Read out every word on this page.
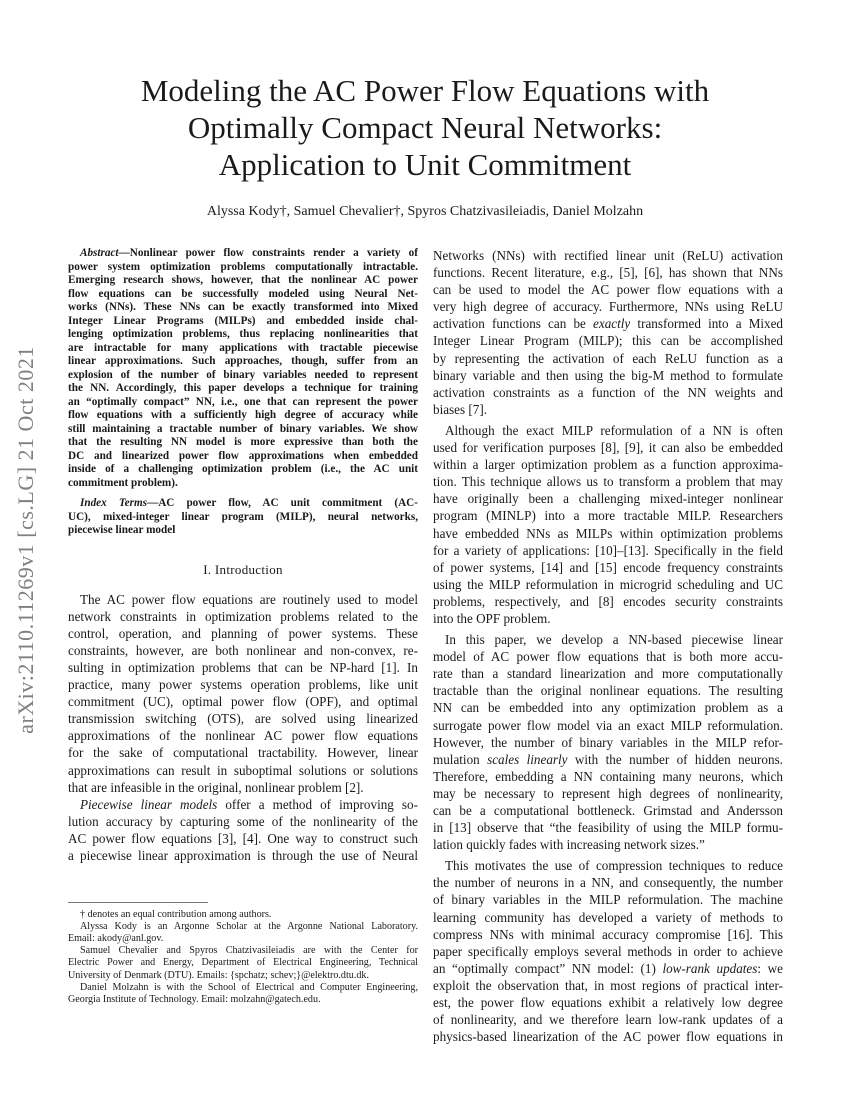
arXiv:2110.11269v1 [cs.LG] 21 Oct 2021
Modeling the AC Power Flow Equations with
Optimally Compact Neural Networks:
Application to Unit Commitment
Alyssa Kody†, Samuel Chevalier†, Spyros Chatzivasileiadis, Daniel Molzahn
Abstract—Nonlinear power flow constraints render a variety of
power system optimization problems computationally intractable.
Emerging research shows, however, that the nonlinear AC power
flow equations can be successfully modeled using Neural Net-
works (NNs). These NNs can be exactly transformed into Mixed
Integer Linear Programs (MILPs) and embedded inside chal-
lenging optimization problems, thus replacing nonlinearities that
are intractable for many applications with tractable piecewise
linear approximations. Such approaches, though, suffer from an
explosion of the number of binary variables needed to represent
the NN. Accordingly, this paper develops a technique for training
an “optimally compact” NN, i.e., one that can represent the power
flow equations with a sufficiently high degree of accuracy while
still maintaining a tractable number of binary variables. We show
that the resulting NN model is more expressive than both the
DC and linearized power flow approximations when embedded
inside of a challenging optimization problem (i.e., the AC unit
commitment problem).
Index Terms—AC power flow, AC unit commitment (AC-
UC), mixed-integer linear program (MILP), neural networks,
piecewise linear model
I. Introduction
The AC power flow equations are routinely used to model
network constraints in optimization problems related to the
control, operation, and planning of power systems. These
constraints, however, are both nonlinear and non-convex, re-
sulting in optimization problems that can be NP-hard [1]. In
practice, many power systems operation problems, like unit
commitment (UC), optimal power flow (OPF), and optimal
transmission switching (OTS), are solved using linearized
approximations of the nonlinear AC power flow equations
for the sake of computational tractability. However, linear
approximations can result in suboptimal solutions or solutions
that are infeasible in the original, nonlinear problem [2].
Piecewise linear models offer a method of improving so-
lution accuracy by capturing some of the nonlinearity of the
AC power flow equations [3], [4]. One way to construct such
a piecewise linear approximation is through the use of Neural
† denotes an equal contribution among authors.
Alyssa Kody is an Argonne Scholar at the Argonne National Laboratory.
Email: akody@anl.gov.
Samuel Chevalier and Spyros Chatzivasileiadis are with the Center for
Electric Power and Energy, Department of Electrical Engineering, Technical
University of Denmark (DTU). Emails: {spchatz; schev;}@elektro.dtu.dk.
Daniel Molzahn is with the School of Electrical and Computer Engineering,
Georgia Institute of Technology. Email: molzahn@gatech.edu.
Networks (NNs) with rectified linear unit (ReLU) activation
functions. Recent literature, e.g., [5], [6], has shown that NNs
can be used to model the AC power flow equations with a
very high degree of accuracy. Furthermore, NNs using ReLU
activation functions can be exactly transformed into a Mixed
Integer Linear Program (MILP); this can be accomplished
by representing the activation of each ReLU function as a
binary variable and then using the big-M method to formulate
activation constraints as a function of the NN weights and
biases [7].
Although the exact MILP reformulation of a NN is often
used for verification purposes [8], [9], it can also be embedded
within a larger optimization problem as a function approxima-
tion. This technique allows us to transform a problem that may
have originally been a challenging mixed-integer nonlinear
program (MINLP) into a more tractable MILP. Researchers
have embedded NNs as MILPs within optimization problems
for a variety of applications: [10]–[13]. Specifically in the field
of power systems, [14] and [15] encode frequency constraints
using the MILP reformulation in microgrid scheduling and UC
problems, respectively, and [8] encodes security constraints
into the OPF problem.
In this paper, we develop a NN-based piecewise linear
model of AC power flow equations that is both more accu-
rate than a standard linearization and more computationally
tractable than the original nonlinear equations. The resulting
NN can be embedded into any optimization problem as a
surrogate power flow model via an exact MILP reformulation.
However, the number of binary variables in the MILP refor-
mulation scales linearly with the number of hidden neurons.
Therefore, embedding a NN containing many neurons, which
may be necessary to represent high degrees of nonlinearity,
can be a computational bottleneck. Grimstad and Andersson
in [13] observe that “the feasibility of using the MILP formu-
lation quickly fades with increasing network sizes.”
This motivates the use of compression techniques to reduce
the number of neurons in a NN, and consequently, the number
of binary variables in the MILP reformulation. The machine
learning community has developed a variety of methods to
compress NNs with minimal accuracy compromise [16]. This
paper specifically employs several methods in order to achieve
an “optimally compact” NN model: (1) low-rank updates: we
exploit the observation that, in most regions of practical inter-
est, the power flow equations exhibit a relatively low degree
of nonlinearity, and we therefore learn low-rank updates of a
physics-based linearization of the AC power flow equations in
